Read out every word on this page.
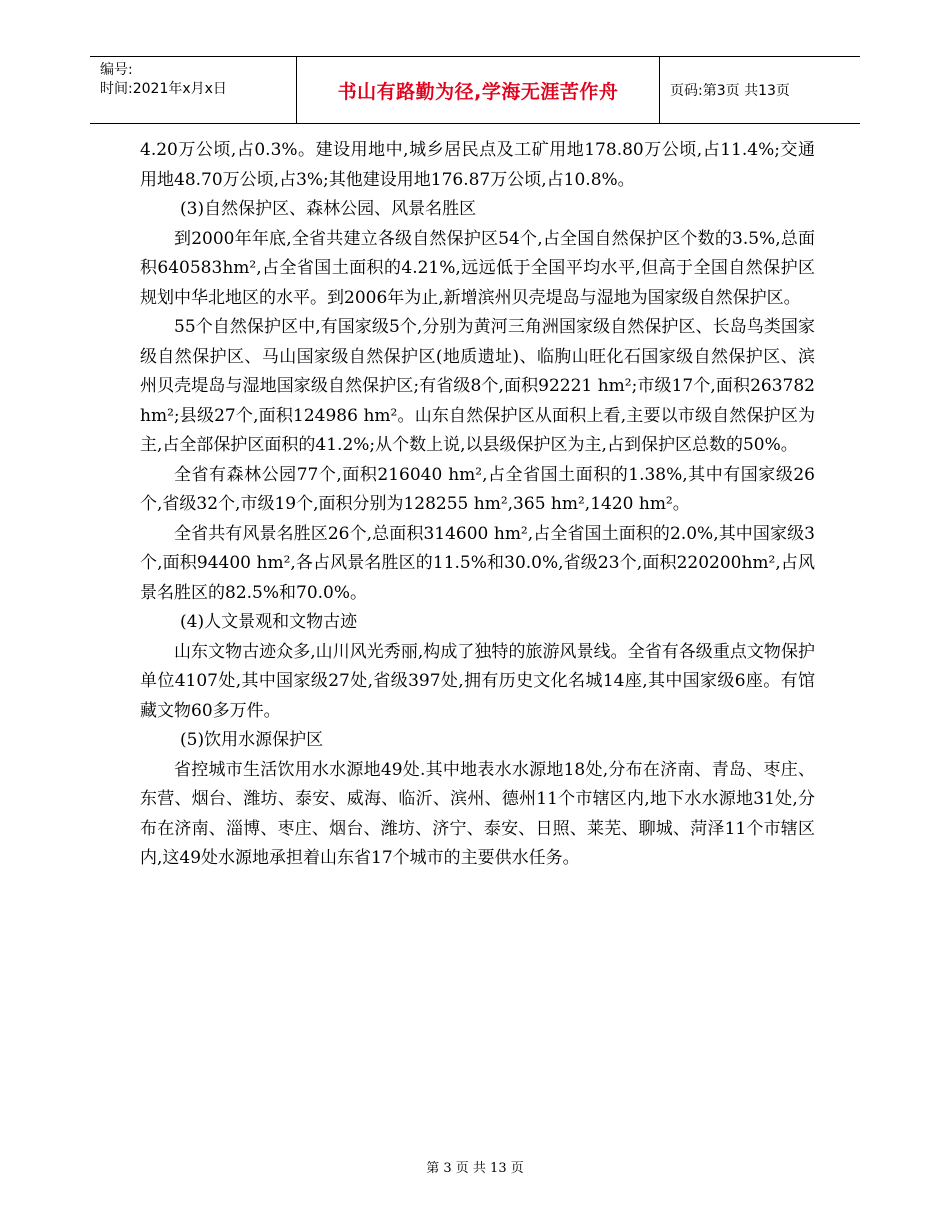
编号:
时间:2021年x月x日	书山有路勤为径,学海无涯苦作舟	页码:第3页 共13页

4.20万公顷,占0.3%。建设用地中,城乡居民点及工矿用地178.80万公顷,占11.4%;交通用地48.70万公顷,占3%;其他建设用地176.87万公顷,占10.8%。

(3)自然保护区、森林公园、风景名胜区

到2000年年底,全省共建立各级自然保护区54个,占全国自然保护区个数的3.5%,总面积640583hm²,占全省国土面积的4.21%,远远低于全国平均水平,但高于全国自然保护区规划中华北地区的水平。到2006年为止,新增滨州贝壳堤岛与湿地为国家级自然保护区。

55个自然保护区中,有国家级5个,分别为黄河三角洲国家级自然保护区、长岛鸟类国家级自然保护区、马山国家级自然保护区(地质遗址)、临朐山旺化石国家级自然保护区、滨州贝壳堤岛与湿地国家级自然保护区;有省级8个,面积92221 hm²;市级17个,面积263782 hm²;县级27个,面积124986 hm²。山东自然保护区从面积上看,主要以市级自然保护区为主,占全部保护区面积的41.2%;从个数上说,以县级保护区为主,占到保护区总数的50%。

全省有森林公园77个,面积216040 hm²,占全省国土面积的1.38%,其中有国家级26个,省级32个,市级19个,面积分别为128255 hm²,365 hm²,1420 hm²。

全省共有风景名胜区26个,总面积314600 hm²,占全省国土面积的2.0%,其中国家级3个,面积94400 hm²,各占风景名胜区的11.5%和30.0%,省级23个,面积220200hm²,占风景名胜区的82.5%和70.0%。

(4)人文景观和文物古迹

山东文物古迹众多,山川风光秀丽,构成了独特的旅游风景线。全省有各级重点文物保护单位4107处,其中国家级27处,省级397处,拥有历史文化名城14座,其中国家级6座。有馆藏文物60多万件。

(5)饮用水源保护区

省控城市生活饮用水水源地49处.其中地表水水源地18处,分布在济南、青岛、枣庄、东营、烟台、潍坊、泰安、威海、临沂、滨州、德州11个市辖区内,地下水水源地31处,分布在济南、淄博、枣庄、烟台、潍坊、济宁、泰安、日照、莱芜、聊城、菏泽11个市辖区内,这49处水源地承担着山东省17个城市的主要供水任务。

第 3 页 共 13 页
